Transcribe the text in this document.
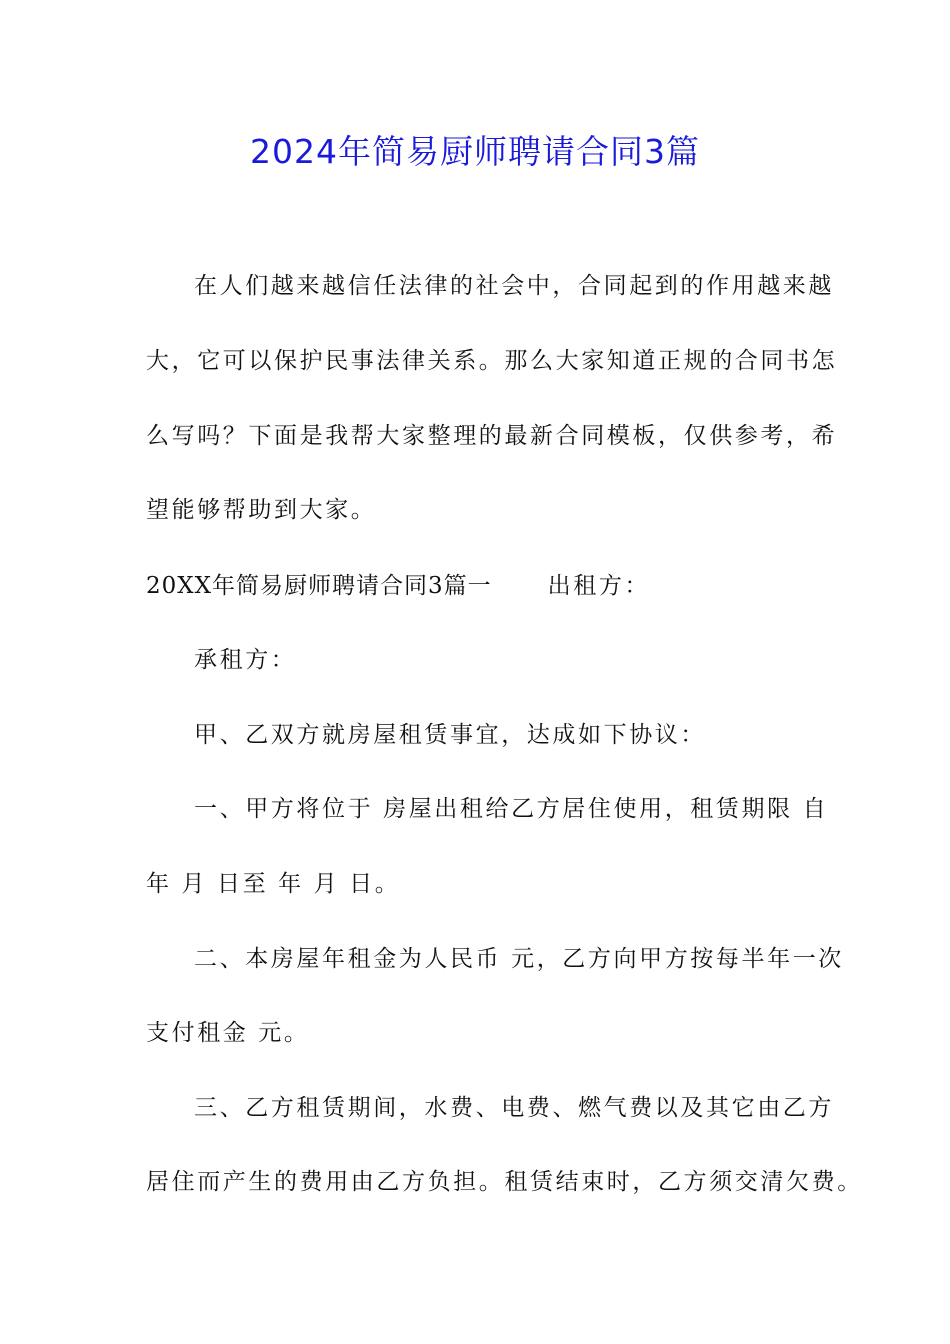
2024年简易厨师聘请合同3篇
在人们越来越信任法律的社会中，合同起到的作用越来越
大，它可以保护民事法律关系。那么大家知道正规的合同书怎
么写吗？下面是我帮大家整理的最新合同模板，仅供参考，希
望能够帮助到大家。
20XX年简易厨师聘请合同3篇一 出租方：
承租方：
甲、乙双方就房屋租赁事宜，达成如下协议：
一、甲方将位于 房屋出租给乙方居住使用，租赁期限 自
年 月 日至 年 月 日。
二、本房屋年租金为人民币 元，乙方向甲方按每半年一次
支付租金 元。
三、乙方租赁期间，水费、电费、燃气费以及其它由乙方
居住而产生的费用由乙方负担。租赁结束时，乙方须交清欠费。
